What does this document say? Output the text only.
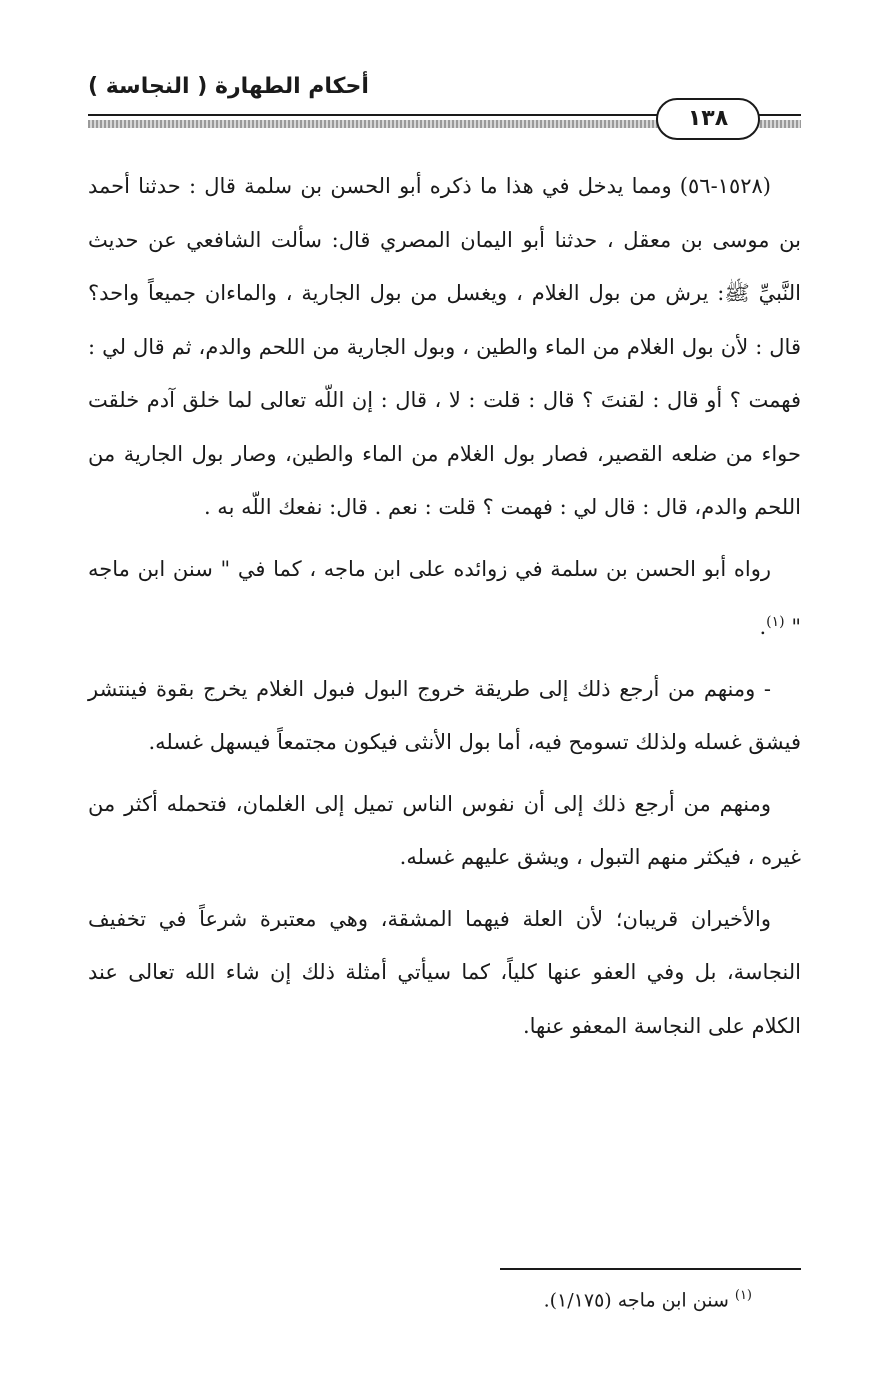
أحكام الطهارة ( النجاسة )
١٣٨

(١٥٢٨-٥٦) ومما يدخل في هذا ما ذكره أبو الحسن بن سلمة قال : حدثنا أحمد بن موسى بن معقل ، حدثنا أبو اليمان المصري قال: سألت الشافعي عن حديث النَّبيِّ ﷺ: يرش من بول الغلام ، ويغسل من بول الجارية ، والماءان جميعاً واحد؟ قال : لأن بول الغلام من الماء والطين ، وبول الجارية من اللحم والدم، ثم قال لي : فهمت ؟ أو قال : لقنتَ ؟ قال : قلت : لا ، قال : إن اللّه تعالى لما خلق آدم خلقت حواء من ضلعه القصير، فصار بول الغلام من الماء والطين، وصار بول الجارية من اللحم والدم، قال : قال لي : فهمت ؟ قلت : نعم . قال: نفعك اللّه به .

رواه أبو الحسن بن سلمة في زوائده على ابن ماجه ، كما في " سنن ابن ماجه " $^{(١)}$.

- ومنهم من أرجع ذلك إلى طريقة خروج البول فبول الغلام يخرج بقوة فينتشر فيشق غسله ولذلك تسومح فيه، أما بول الأنثى فيكون مجتمعاً فيسهل غسله.

ومنهم من أرجع ذلك إلى أن نفوس الناس تميل إلى الغلمان، فتحمله أكثر من غيره ، فيكثر منهم التبول ، ويشق عليهم غسله.

والأخيران قريبان؛ لأن العلة فيهما المشقة، وهي معتبرة شرعاً في تخفيف النجاسة، بل وفي العفو عنها كلياً، كما سيأتي أمثلة ذلك إن شاء الله تعالى عند الكلام على النجاسة المعفو عنها.

$^{(١)}$سنن ابن ماجه (١/١٧٥).
